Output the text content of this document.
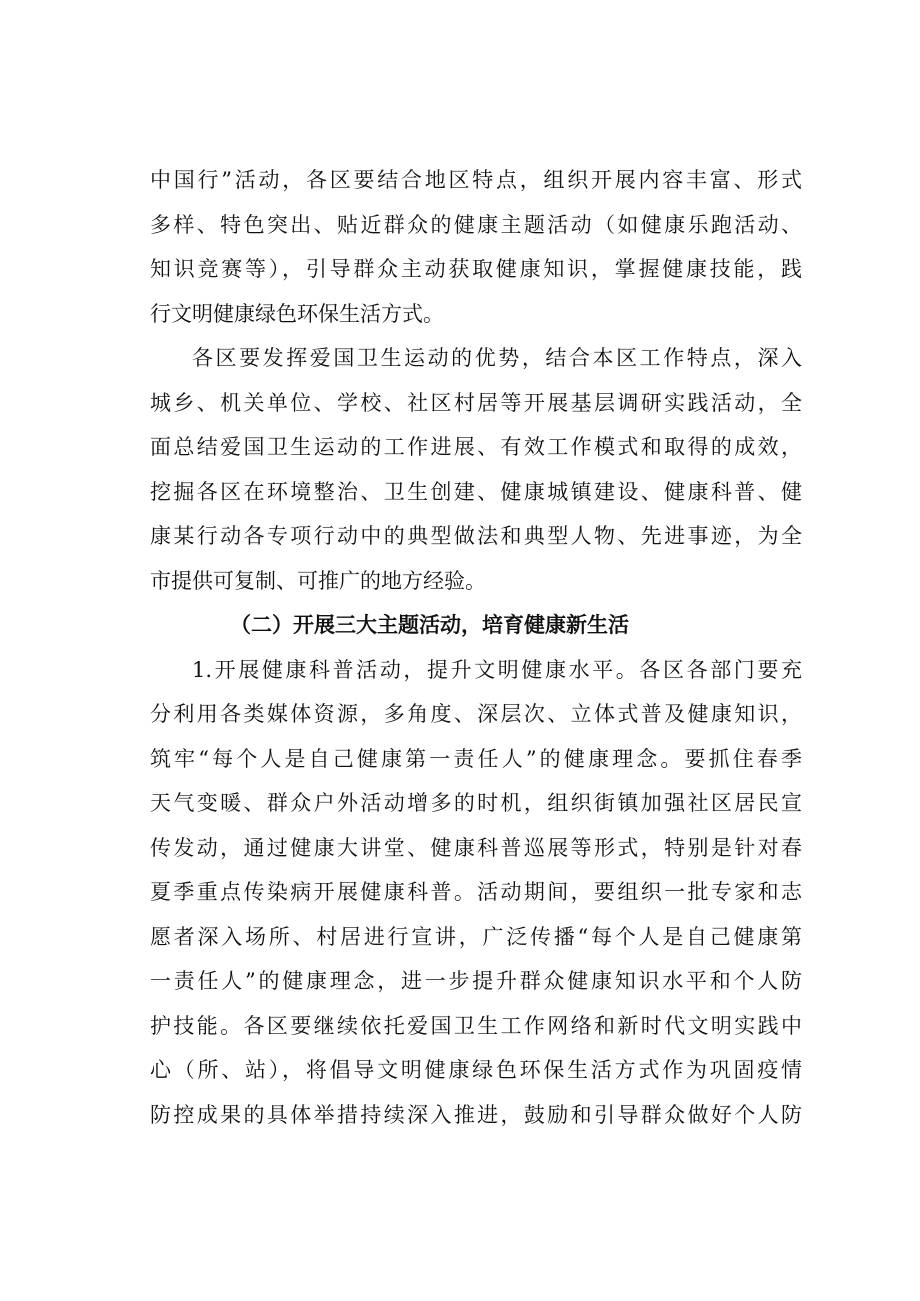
中国行”活动，各区要结合地区特点，组织开展内容丰富、形式
多样、特色突出、贴近群众的健康主题活动（如健康乐跑活动、
知识竞赛等），引导群众主动获取健康知识，掌握健康技能，践
行文明健康绿色环保生活方式。
各区要发挥爱国卫生运动的优势，结合本区工作特点，深入
城乡、机关单位、学校、社区村居等开展基层调研实践活动，全
面总结爱国卫生运动的工作进展、有效工作模式和取得的成效，
挖掘各区在环境整治、卫生创建、健康城镇建设、健康科普、健
康某行动各专项行动中的典型做法和典型人物、先进事迹，为全
市提供可复制、可推广的地方经验。
（二）开展三大主题活动，培育健康新生活
1.开展健康科普活动，提升文明健康水平。各区各部门要充
分利用各类媒体资源，多角度、深层次、立体式普及健康知识，
筑牢“每个人是自己健康第一责任人”的健康理念。要抓住春季
天气变暖、群众户外活动增多的时机，组织街镇加强社区居民宣
传发动，通过健康大讲堂、健康科普巡展等形式，特别是针对春
夏季重点传染病开展健康科普。活动期间，要组织一批专家和志
愿者深入场所、村居进行宣讲，广泛传播“每个人是自己健康第
一责任人”的健康理念，进一步提升群众健康知识水平和个人防
护技能。各区要继续依托爱国卫生工作网络和新时代文明实践中
心（所、站），将倡导文明健康绿色环保生活方式作为巩固疫情
防控成果的具体举措持续深入推进，鼓励和引导群众做好个人防
